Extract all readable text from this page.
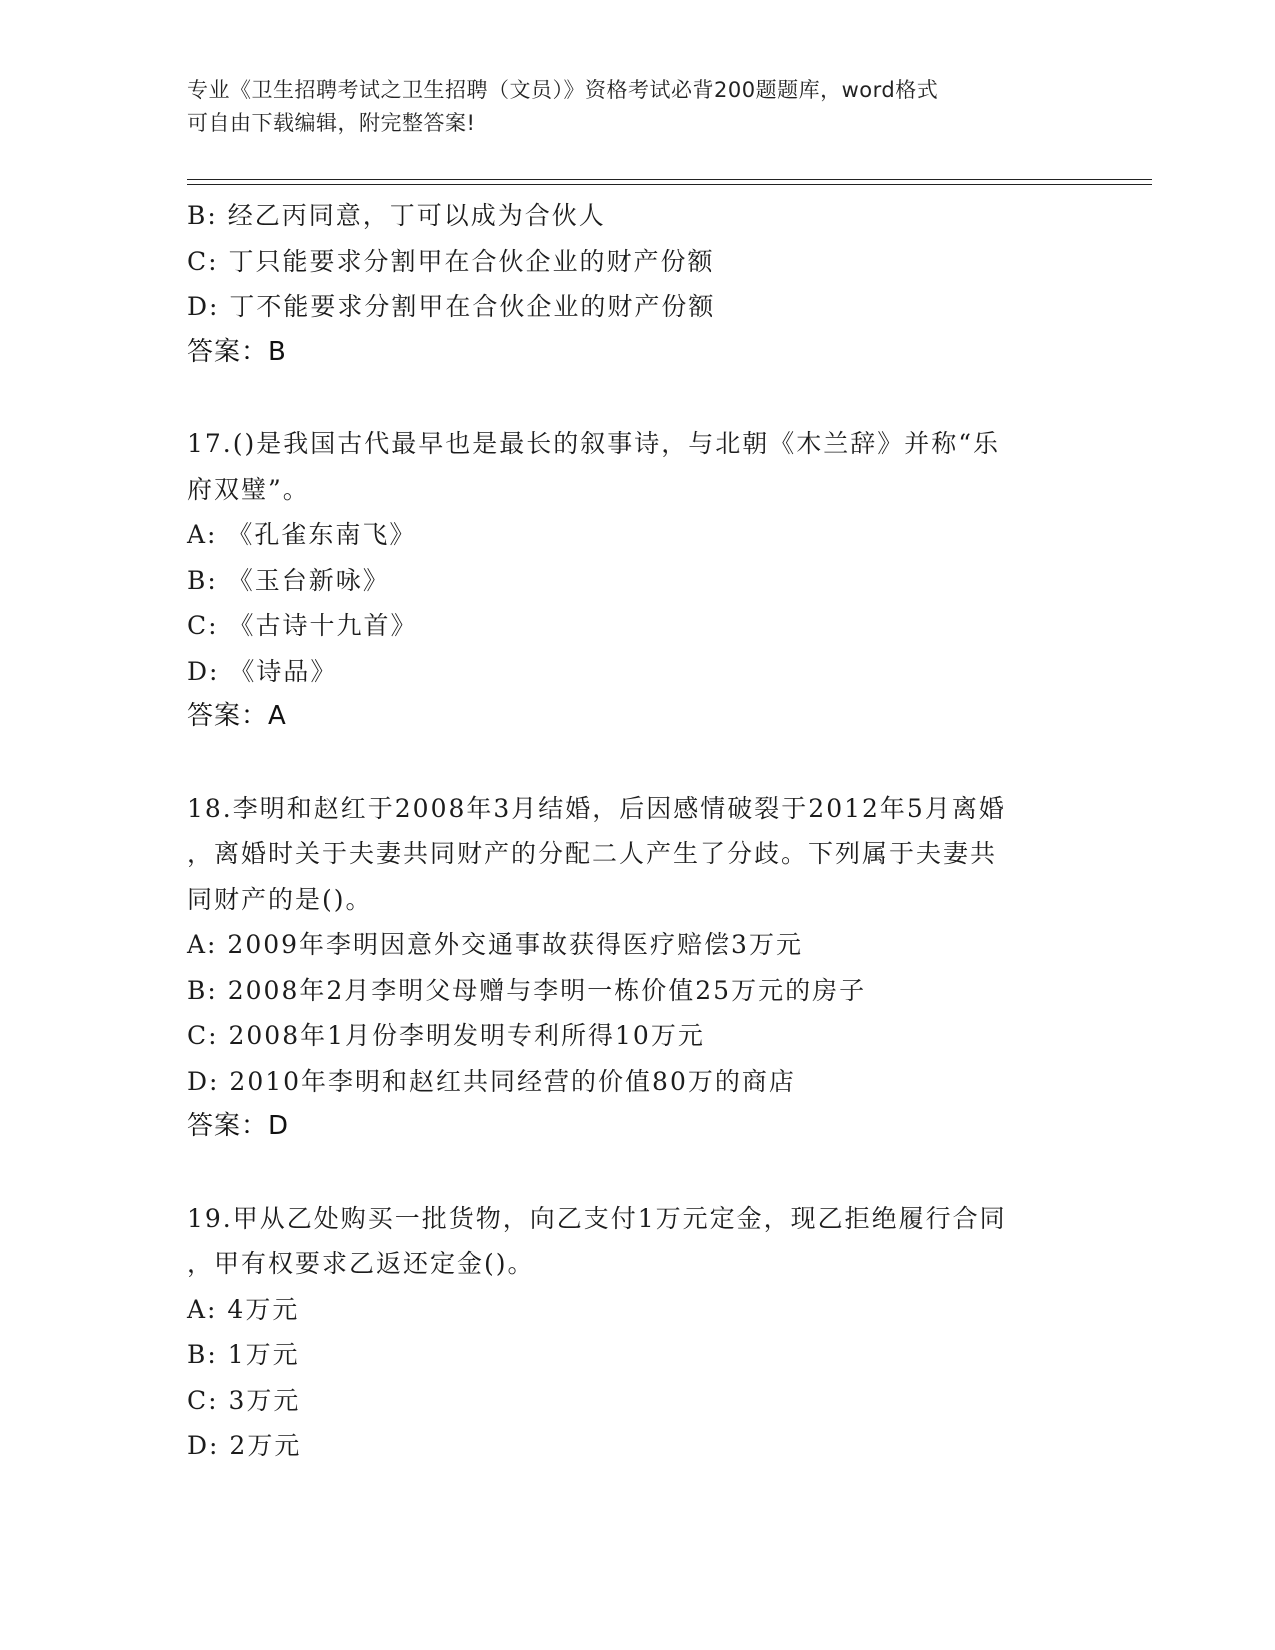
专业《卫生招聘考试之卫生招聘（文员）》资格考试必背200题题库，word格式
可自由下载编辑，附完整答案!
B: 经乙丙同意，丁可以成为合伙人
C: 丁只能要求分割甲在合伙企业的财产份额
D: 丁不能要求分割甲在合伙企业的财产份额
答案：B
17.()是我国古代最早也是最长的叙事诗，与北朝《木兰辞》并称“乐
府双璧”。
A: 《孔雀东南飞》
B: 《玉台新咏》
C: 《古诗十九首》
D: 《诗品》
答案：A
18.李明和赵红于2008年3月结婚，后因感情破裂于2012年5月离婚
，离婚时关于夫妻共同财产的分配二人产生了分歧。下列属于夫妻共
同财产的是()。
A: 2009年李明因意外交通事故获得医疗赔偿3万元
B: 2008年2月李明父母赠与李明一栋价值25万元的房子
C: 2008年1月份李明发明专利所得10万元
D: 2010年李明和赵红共同经营的价值80万的商店
答案：D
19.甲从乙处购买一批货物，向乙支付1万元定金，现乙拒绝履行合同
，甲有权要求乙返还定金()。
A: 4万元
B: 1万元
C: 3万元
D: 2万元
